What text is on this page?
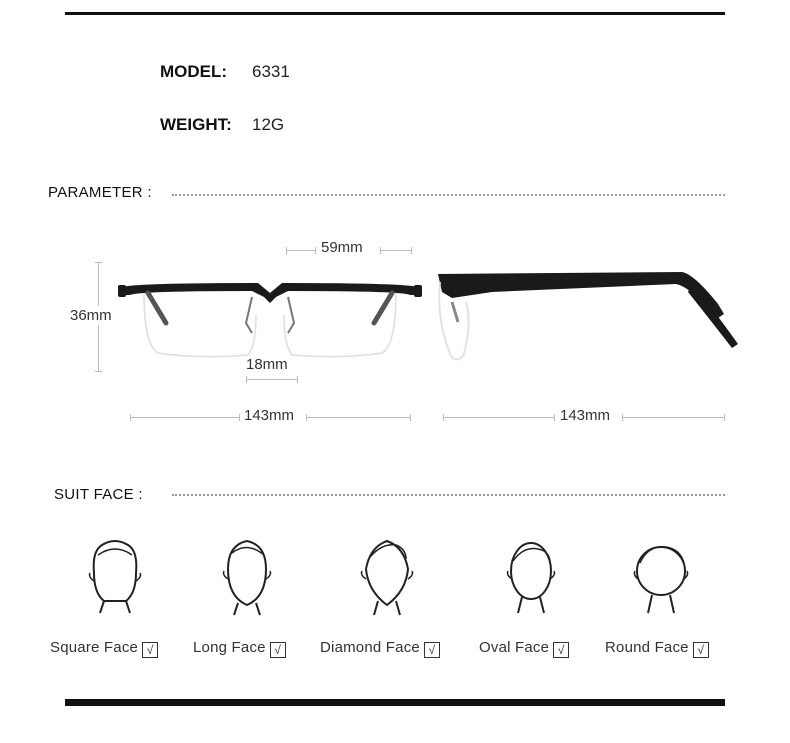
MODEL: 6331
WEIGHT: 12G
PARAMETER :
59mm
36mm
18mm
143mm	143mm
SUIT FACE :
Square Face √	Long Face √	Diamond Face √	Oval Face √	Round Face √
